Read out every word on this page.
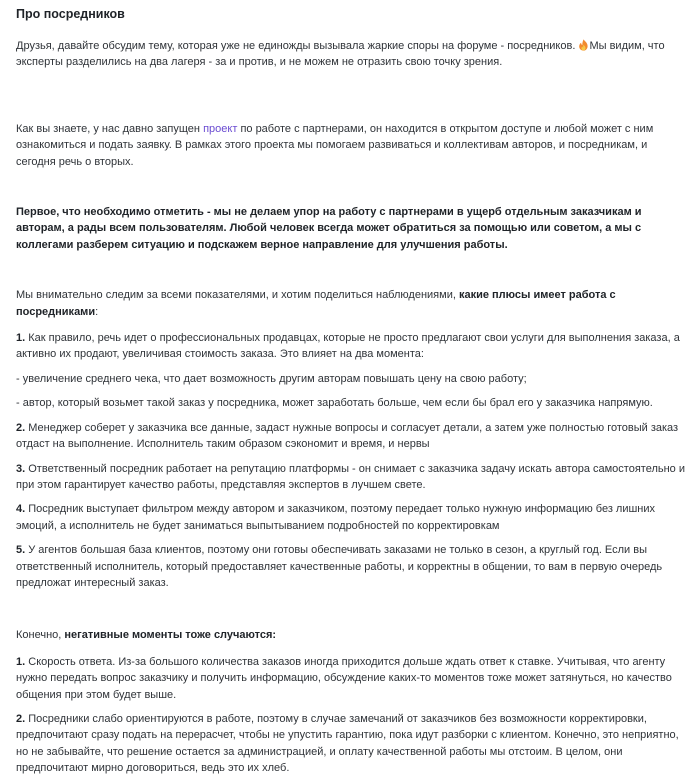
Про посредников

Друзья, давайте обсудим тему, которая уже не единожды вызывала жаркие споры на форуме - посредников. Мы видим, что эксперты разделились на два лагеря - за и против, и не можем не отразить свою точку зрения.

Как вы знаете, у нас давно запущен проект по работе с партнерами, он находится в открытом доступе и любой может с ним ознакомиться и подать заявку. В рамках этого проекта мы помогаем развиваться и коллективам авторов, и посредникам, и сегодня речь о вторых.

Первое, что необходимо отметить - мы не делаем упор на работу с партнерами в ущерб отдельным заказчикам и авторам, а рады всем пользователям. Любой человек всегда может обратиться за помощью или советом, а мы с коллегами разберем ситуацию и подскажем верное направление для улучшения работы.

Мы внимательно следим за всеми показателями, и хотим поделиться наблюдениями, какие плюсы имеет работа с посредниками:

1. Как правило, речь идет о профессиональных продавцах, которые не просто предлагают свои услуги для выполнения заказа, а активно их продают, увеличивая стоимость заказа. Это влияет на два момента:

- увеличение среднего чека, что дает возможность другим авторам повышать цену на свою работу;

- автор, который возьмет такой заказ у посредника, может заработать больше, чем если бы брал его у заказчика напрямую.

2. Менеджер соберет у заказчика все данные, задаст нужные вопросы и согласует детали, а затем уже полностью готовый заказ отдаст на выполнение. Исполнитель таким образом сэкономит и время, и нервы

3. Ответственный посредник работает на репутацию платформы - он снимает с заказчика задачу искать автора самостоятельно и при этом гарантирует качество работы, представляя экспертов в лучшем свете.

4. Посредник выступает фильтром между автором и заказчиком, поэтому передает только нужную информацию без лишних эмоций, а исполнитель не будет заниматься выпытыванием подробностей по корректировкам

5. У агентов большая база клиентов, поэтому они готовы обеспечивать заказами не только в сезон, а круглый год. Если вы ответственный исполнитель, который предоставляет качественные работы, и корректны в общении, то вам в первую очередь предложат интересный заказ.

Конечно, негативные моменты тоже случаются:

1. Скорость ответа. Из-за большого количества заказов иногда приходится дольше ждать ответ к ставке. Учитывая, что агенту нужно передать вопрос заказчику и получить информацию, обсуждение каких-то моментов тоже может затянуться, но качество общения при этом будет выше.

2. Посредники слабо ориентируются в работе, поэтому в случае замечаний от заказчиков без возможности корректировки, предпочитают сразу подать на перерасчет, чтобы не упустить гарантию, пока идут разборки с клиентом. Конечно, это неприятно, но не забывайте, что решение остается за администрацией, и оплату качественной работы мы отстоим. В целом, они предпочитают мирно договориться, ведь это их хлеб.
